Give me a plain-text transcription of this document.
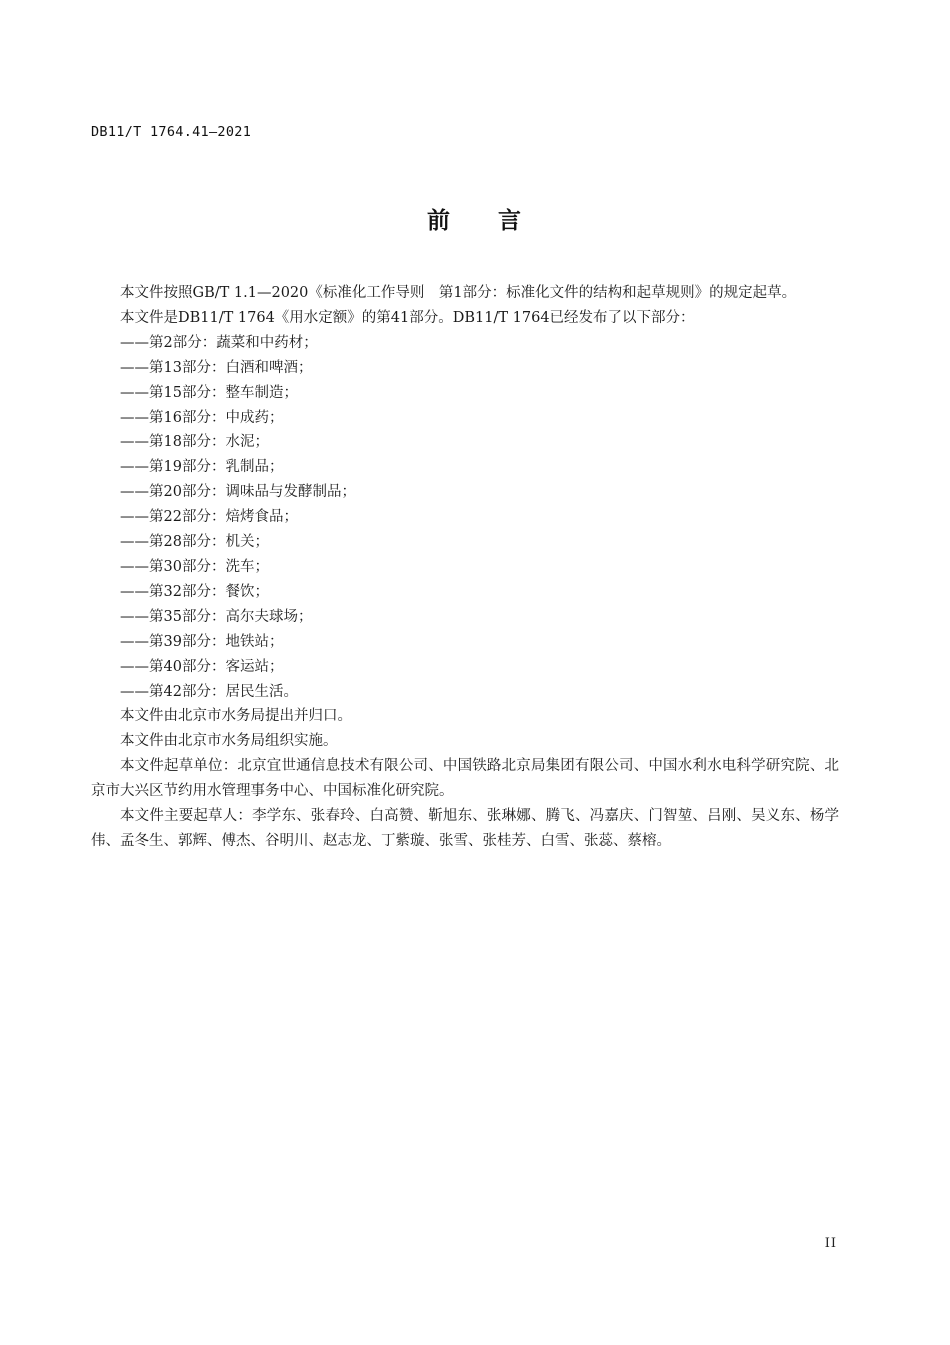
DB11/T 1764.41—2021
前 言

本文件按照GB/T 1.1—2020《标准化工作导则　第1部分：标准化文件的结构和起草规则》的规定起草。

本文件是DB11/T 1764《用水定额》的第41部分。DB11/T 1764已经发布了以下部分：

——第2部分：蔬菜和中药材；

——第13部分：白酒和啤酒；

——第15部分：整车制造；

——第16部分：中成药；

——第18部分：水泥；

——第19部分：乳制品；

——第20部分：调味品与发酵制品；

——第22部分：焙烤食品；

——第28部分：机关；

——第30部分：洗车；

——第32部分：餐饮；

——第35部分：高尔夫球场；

——第39部分：地铁站；

——第40部分：客运站；

——第42部分：居民生活。

本文件由北京市水务局提出并归口。

本文件由北京市水务局组织实施。

本文件起草单位：北京宜世通信息技术有限公司、中国铁路北京局集团有限公司、中国水利水电科学研究院、北京市大兴区节约用水管理事务中心、中国标准化研究院。

本文件主要起草人：李学东、张春玲、白高赞、靳旭东、张琳娜、腾飞、冯嘉庆、门智堃、吕刚、吴义东、杨学伟、孟冬生、郭辉、傅杰、谷明川、赵志龙、丁紫璇、张雪、张桂芳、白雪、张蕊、蔡榕。

II
